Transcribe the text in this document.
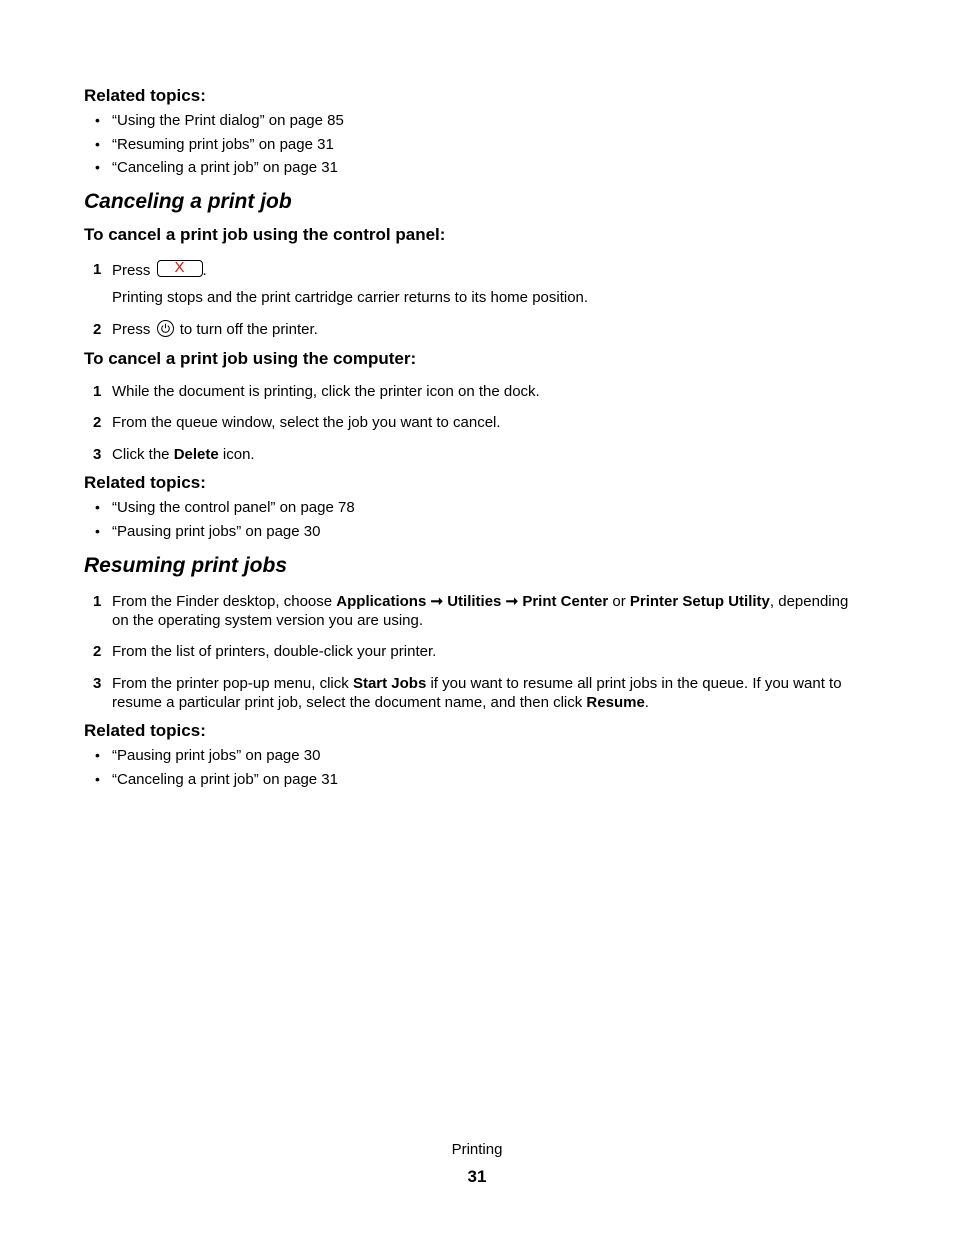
Related topics:
• “Using the Print dialog” on page 85
• “Resuming print jobs” on page 31
• “Canceling a print job” on page 31
Canceling a print job
To cancel a print job using the control panel:
1 Press	X	.
Printing stops and the print cartridge carrier returns to its home position.
2 Press to turn off the printer.
To cancel a print job using the computer:
1 While the document is printing, click the printer icon on the dock.
2 From the queue window, select the job you want to cancel.
3 Click the Delete icon.
Related topics:
• “Using the control panel” on page 78
• “Pausing print jobs” on page 30
Resuming print jobs
1 From the Finder desktop, choose Applications ➞ Utilities ➞ Print Center or Printer Setup Utility, depending
on the operating system version you are using.
2 From the list of printers, double-click your printer.
3 From the printer pop-up menu, click Start Jobs if you want to resume all print jobs in the queue. If you want to
resume a particular print job, select the document name, and then click Resume.
Related topics:
• “Pausing print jobs” on page 30
• “Canceling a print job” on page 31
Printing
31
